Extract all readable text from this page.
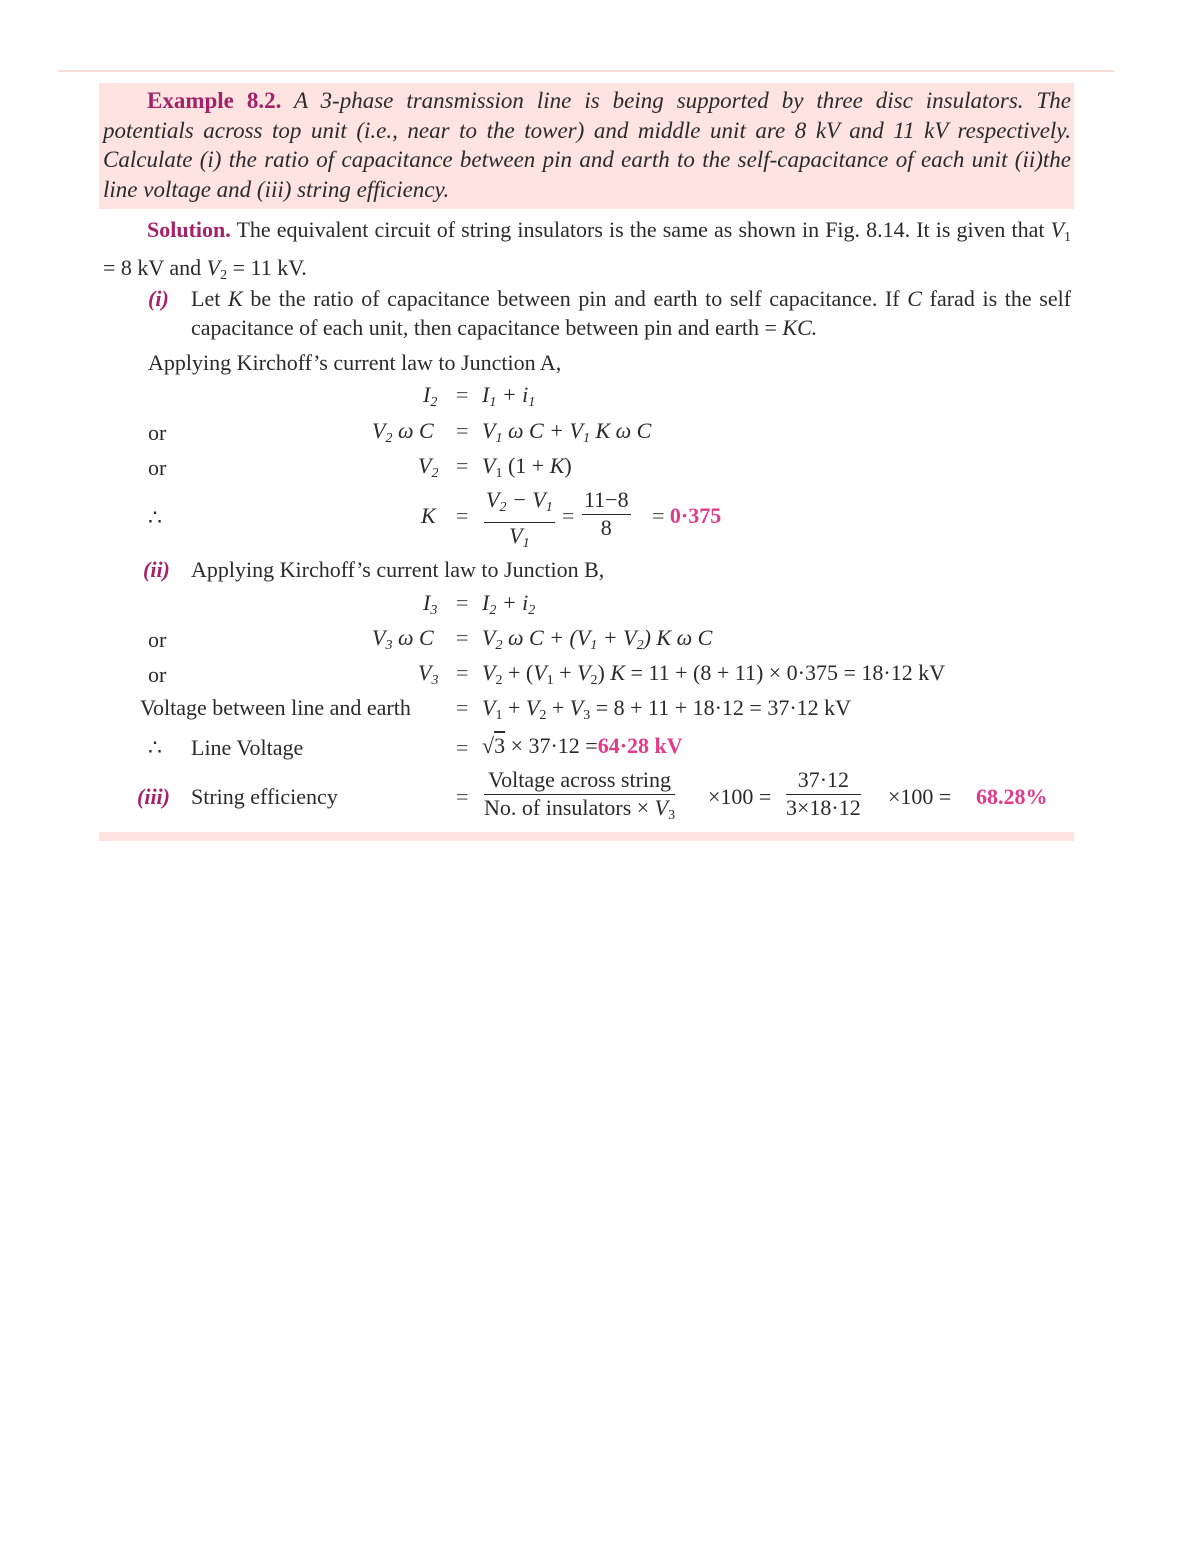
Example 8.2. A 3-phase transmission line is being supported by three disc insulators. The potentials across top unit (i.e., near to the tower) and middle unit are 8 kV and 11 kV respectively. Calculate (i) the ratio of capacitance between pin and earth to the self-capacitance of each unit (ii)the line voltage and (iii) string efficiency.
Solution. The equivalent circuit of string insulators is the same as shown in Fig. 8.14. It is given that $V_1 = 8$ kV and $V_2 = 11$ kV.
(i) Let K be the ratio of capacitance between pin and earth to self capacitance. If C farad is the self capacitance of each unit, then capacitance between pin and earth = KC.
Applying Kirchoff’s current law to Junction A,
$I_2 = I_1 + i_1$
or	$V_2$ ω $C = V_1$ ω $C + V_1$ K ω C
or	$V_2 = V_1$ (1 + K)
∴	$K = \frac{V_2 - V_1}{V_1} = \frac{11-8}{8} = 0\cdot 375$
(ii) Applying Kirchoff’s current law to Junction B,
$I_3 = I_2 + i_2$
or	$V_3$ ω $C = V_2$ ω $C + (V_1 + V_2)$ K ω C
or	$V_3 = V_2 + (V_1 + V_2) K = 11 + (8 + 11) \times 0\cdot 375 = 18\cdot 12$ kV
Voltage between line and earth = $V_1 + V_2 + V_3 = 8 + 11 + 18\cdot 12 = 37\cdot 12$ kV
∴ Line Voltage	= √3 × 37·12 =64·28 kV
(iii) String efficiency	=
Voltage across string
No. of insulators × $V_3$
$\times 100 = \frac{37\cdot 12}{3\times 18\cdot 12} \times 100 = 68.28\%$
